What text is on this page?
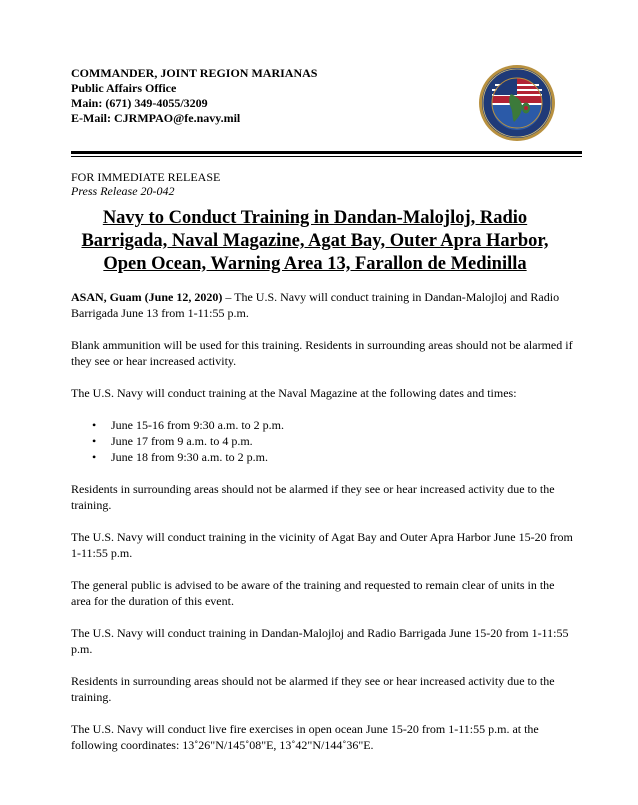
COMMANDER, JOINT REGION MARIANAS
Public Affairs Office
Main: (671) 349-4055/3209
E-Mail: CJRMPAO@fe.navy.mil
FOR IMMEDIATE RELEASE
Press Release 20-042
Navy to Conduct Training in Dandan-Malojloj, Radio
Barrigada, Naval Magazine, Agat Bay, Outer Apra Harbor,
Open Ocean, Warning Area 13, Farallon de Medinilla

ASAN, Guam (June 12, 2020) – The U.S. Navy will conduct training in Dandan-Malojloj and Radio Barrigada June 13 from 1-11:55 p.m.

Blank ammunition will be used for this training. Residents in surrounding areas should not be alarmed if they see or hear increased activity.

The U.S. Navy will conduct training at the Naval Magazine at the following dates and times:

• June 15-16 from 9:30 a.m. to 2 p.m.
• June 17 from 9 a.m. to 4 p.m.
• June 18 from 9:30 a.m. to 2 p.m.

Residents in surrounding areas should not be alarmed if they see or hear increased activity due to the training.

The U.S. Navy will conduct training in the vicinity of Agat Bay and Outer Apra Harbor June 15-20 from 1-11:55 p.m.

The general public is advised to be aware of the training and requested to remain clear of units in the area for the duration of this event.

The U.S. Navy will conduct training in Dandan-Malojloj and Radio Barrigada June 15-20 from 1-11:55 p.m.

Residents in surrounding areas should not be alarmed if they see or hear increased activity due to the training.

The U.S. Navy will conduct live fire exercises in open ocean June 15-20 from 1-11:55 p.m. at the following coordinates: 13˚26"N/145˚08"E, 13˚42"N/144˚36"E.
